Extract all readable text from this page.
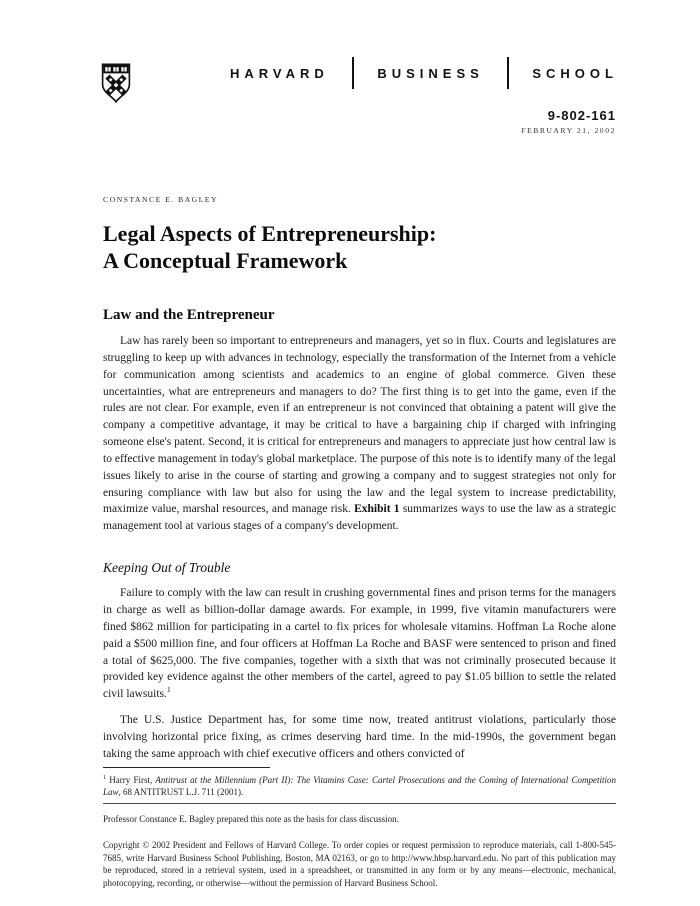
HARVARD	BUSINESS	SCHOOL
9-802-161
FEBRUARY 21, 2002
CONSTANCE E. BAGLEY
Legal Aspects of Entrepreneurship:
A Conceptual Framework
Law and the Entrepreneur

Law has rarely been so important to entrepreneurs and managers, yet so in flux. Courts and legislatures are struggling to keep up with advances in technology, especially the transformation of the Internet from a vehicle for communication among scientists and academics to an engine of global commerce. Given these uncertainties, what are entrepreneurs and managers to do? The first thing is to get into the game, even if the rules are not clear. For example, even if an entrepreneur is not convinced that obtaining a patent will give the company a competitive advantage, it may be critical to have a bargaining chip if charged with infringing someone else's patent. Second, it is critical for entrepreneurs and managers to appreciate just how central law is to effective management in today's global marketplace. The purpose of this note is to identify many of the legal issues likely to arise in the course of starting and growing a company and to suggest strategies not only for ensuring compliance with law but also for using the law and the legal system to increase predictability, maximize value, marshal resources, and manage risk. Exhibit 1 summarizes ways to use the law as a strategic management tool at various stages of a company's development.

Keeping Out of Trouble

Failure to comply with the law can result in crushing governmental fines and prison terms for the managers in charge as well as billion-dollar damage awards. For example, in 1999, five vitamin manufacturers were fined $862 million for participating in a cartel to fix prices for wholesale vitamins. Hoffman La Roche alone paid a $500 million fine, and four officers at Hoffman La Roche and BASF were sentenced to prison and fined a total of $625,000. The five companies, together with a sixth that was not criminally prosecuted because it provided key evidence against the other members of the cartel, agreed to pay $1.05 billion to settle the related civil lawsuits.$^1$

The U.S. Justice Department has, for some time now, treated antitrust violations, particularly those involving horizontal price fixing, as crimes deserving hard time. In the mid-1990s, the government began taking the same approach with chief executive officers and others convicted of

$^1$ Harry First, Antitrust at the Millennium (Part II): The Vitamins Case: Cartel Prosecutions and the Coming of International Competition Law, 68 ANTITRUST L.J. 711 (2001).
Professor Constance E. Bagley prepared this note as the basis for class discussion.
Copyright © 2002 President and Fellows of Harvard College. To order copies or request permission to reproduce materials, call 1-800-545-7685, write Harvard Business School Publishing, Boston, MA 02163, or go to http://www.hbsp.harvard.edu. No part of this publication may be reproduced, stored in a retrieval system, used in a spreadsheet, or transmitted in any form or by any means—electronic, mechanical, photocopying, recording, or otherwise—without the permission of Harvard Business School.
